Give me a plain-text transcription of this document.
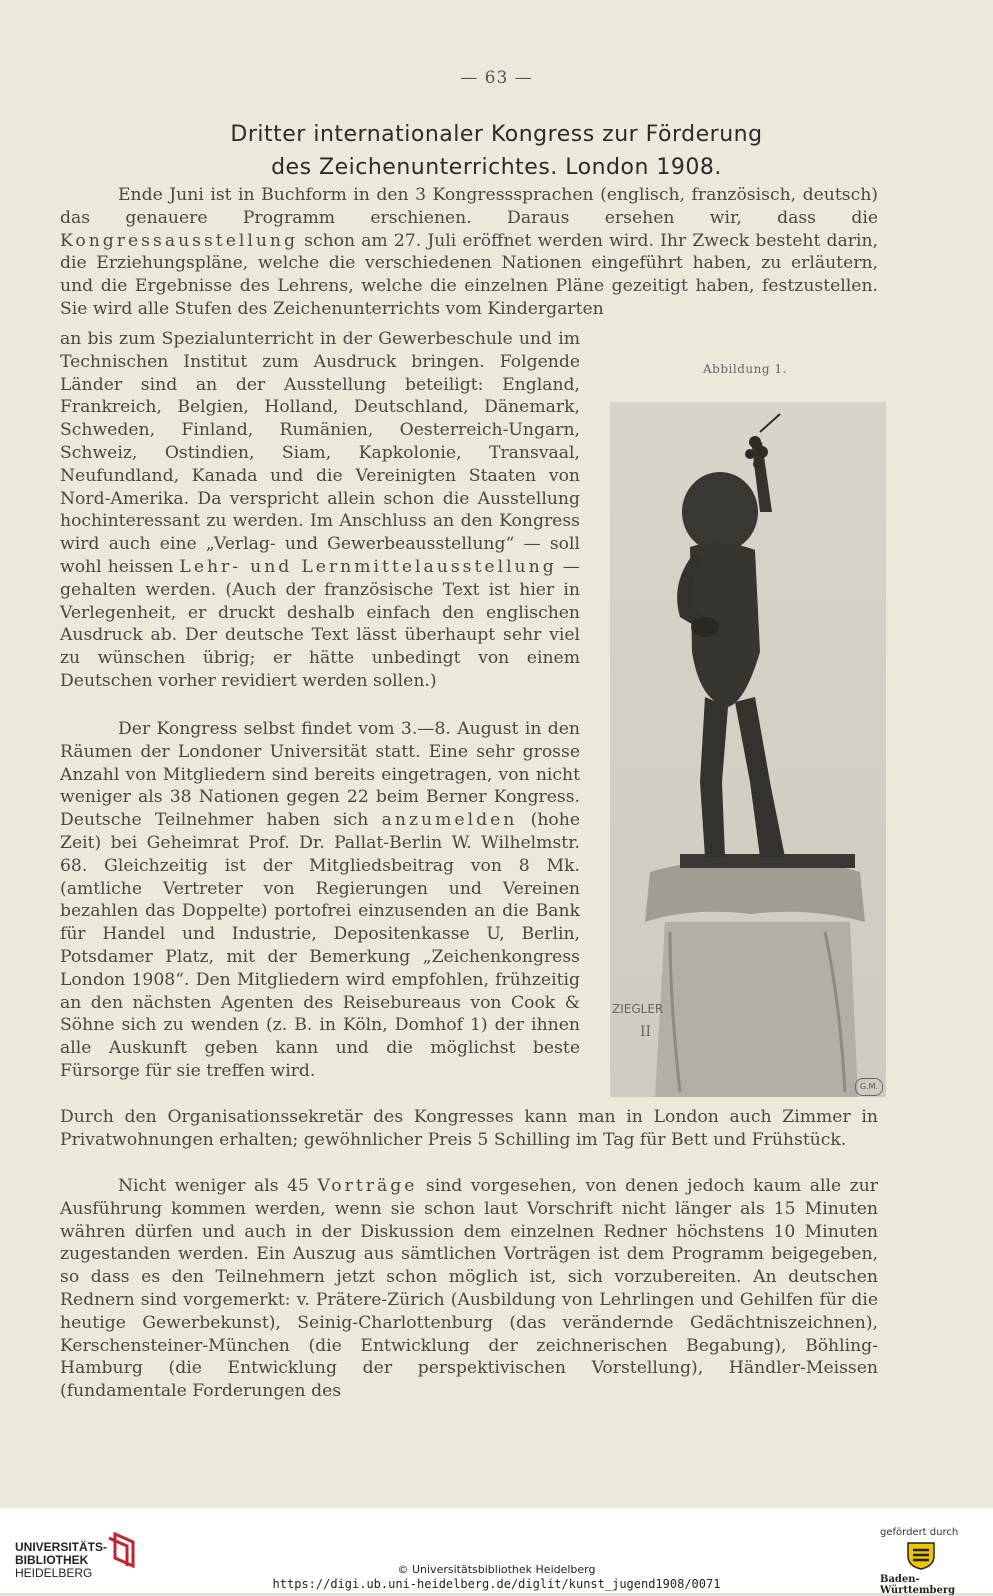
— 63 —
Dritter internationaler Kongress zur Förderung
des Zeichenunterrichtes. London 1908.

Ende Juni ist in Buchform in den 3 Kongresssprachen (englisch, französisch, deutsch) das genauere Programm erschienen. Daraus ersehen wir, dass die Kongressausstellung schon am 27. Juli eröffnet werden wird. Ihr Zweck besteht darin, die Erziehungspläne, welche die verschiedenen Nationen eingeführt haben, zu erläutern, und die Ergebnisse des Lehrens, welche die einzelnen Pläne gezeitigt haben, festzustellen. Sie wird alle Stufen des Zeichenunterrichts vom Kindergarten

an bis zum Spezialunterricht in der Gewerbeschule und im Technischen Institut zum Ausdruck bringen. Folgende Länder sind an der Ausstellung beteiligt: England, Frankreich, Belgien, Holland, Deutschland, Dänemark, Schweden, Finland, Rumänien, Oesterreich-Ungarn, Schweiz, Ostindien, Siam, Kapkolonie, Transvaal, Neufundland, Kanada und die Vereinigten Staaten von Nord-Amerika. Da verspricht allein schon die Ausstellung hochinteressant zu werden. Im Anschluss an den Kongress wird auch eine „Verlag- und Gewerbeausstellung“ — soll wohl heissen Lehr- und Lernmittelausstellung — gehalten werden. (Auch der französische Text ist hier in Verlegenheit, er druckt deshalb einfach den englischen Ausdruck ab. Der deutsche Text lässt überhaupt sehr viel zu wünschen übrig; er hätte unbedingt von einem Deutschen vorher revidiert werden sollen.)

Der Kongress selbst findet vom 3.—8. August in den Räumen der Londoner Universität statt. Eine sehr grosse Anzahl von Mitgliedern sind bereits eingetragen, von nicht weniger als 38 Nationen gegen 22 beim Berner Kongress. Deutsche Teilnehmer haben sich anzumelden (hohe Zeit) bei Geheimrat Prof. Dr. Pallat-Berlin W. Wilhelmstr. 68. Gleichzeitig ist der Mitgliedsbeitrag von 8 Mk. (amtliche Vertreter von Regierungen und Vereinen bezahlen das Doppelte) portofrei einzusenden an die Bank für Handel und Industrie, Depositenkasse U, Berlin, Potsdamer Platz, mit der Bemerkung „Zeichenkongress London 1908“. Den Mitgliedern wird empfohlen, frühzeitig an den nächsten Agenten des Reisebureaus von Cook & Söhne sich zu wenden (z. B. in Köln, Domhof 1) der ihnen alle Auskunft geben kann und die möglichst beste Fürsorge für sie treffen wird.

Durch den Organisationssekretär des Kongresses kann man in London auch Zimmer in Privatwohnungen erhalten; gewöhnlicher Preis 5 Schilling im Tag für Bett und Frühstück.

Nicht weniger als 45 Vorträge sind vorgesehen, von denen jedoch kaum alle zur Ausführung kommen werden, wenn sie schon laut Vorschrift nicht länger als 15 Minuten währen dürfen und auch in der Diskussion dem einzelnen Redner höchstens 10 Minuten zugestanden werden. Ein Auszug aus sämtlichen Vorträgen ist dem Programm beigegeben, so dass es den Teilnehmern jetzt schon möglich ist, sich vorzubereiten. An deutschen Rednern sind vorgemerkt: v. Prätere-Zürich (Ausbildung von Lehrlingen und Gehilfen für die heutige Gewerbekunst), Seinig-Charlottenburg (das verändernde Gedächtniszeichnen), Kerschensteiner-München (die Entwicklung der zeichnerischen Begabung), Böhling-Hamburg (die Entwicklung der perspektivischen Vorstellung), Händler-Meissen (fundamentale Forderungen des

Abbildung 1.
ZIEGLER
II
G.M.
UNIVERSITÄTS-
BIBLIOTHEK
HEIDELBERG	© Universitätsbibliothek Heidelberg
https://digi.ub.uni-heidelberg.de/diglit/kunst_jugend1908/0071
gefördert durch
Baden-Württemberg
